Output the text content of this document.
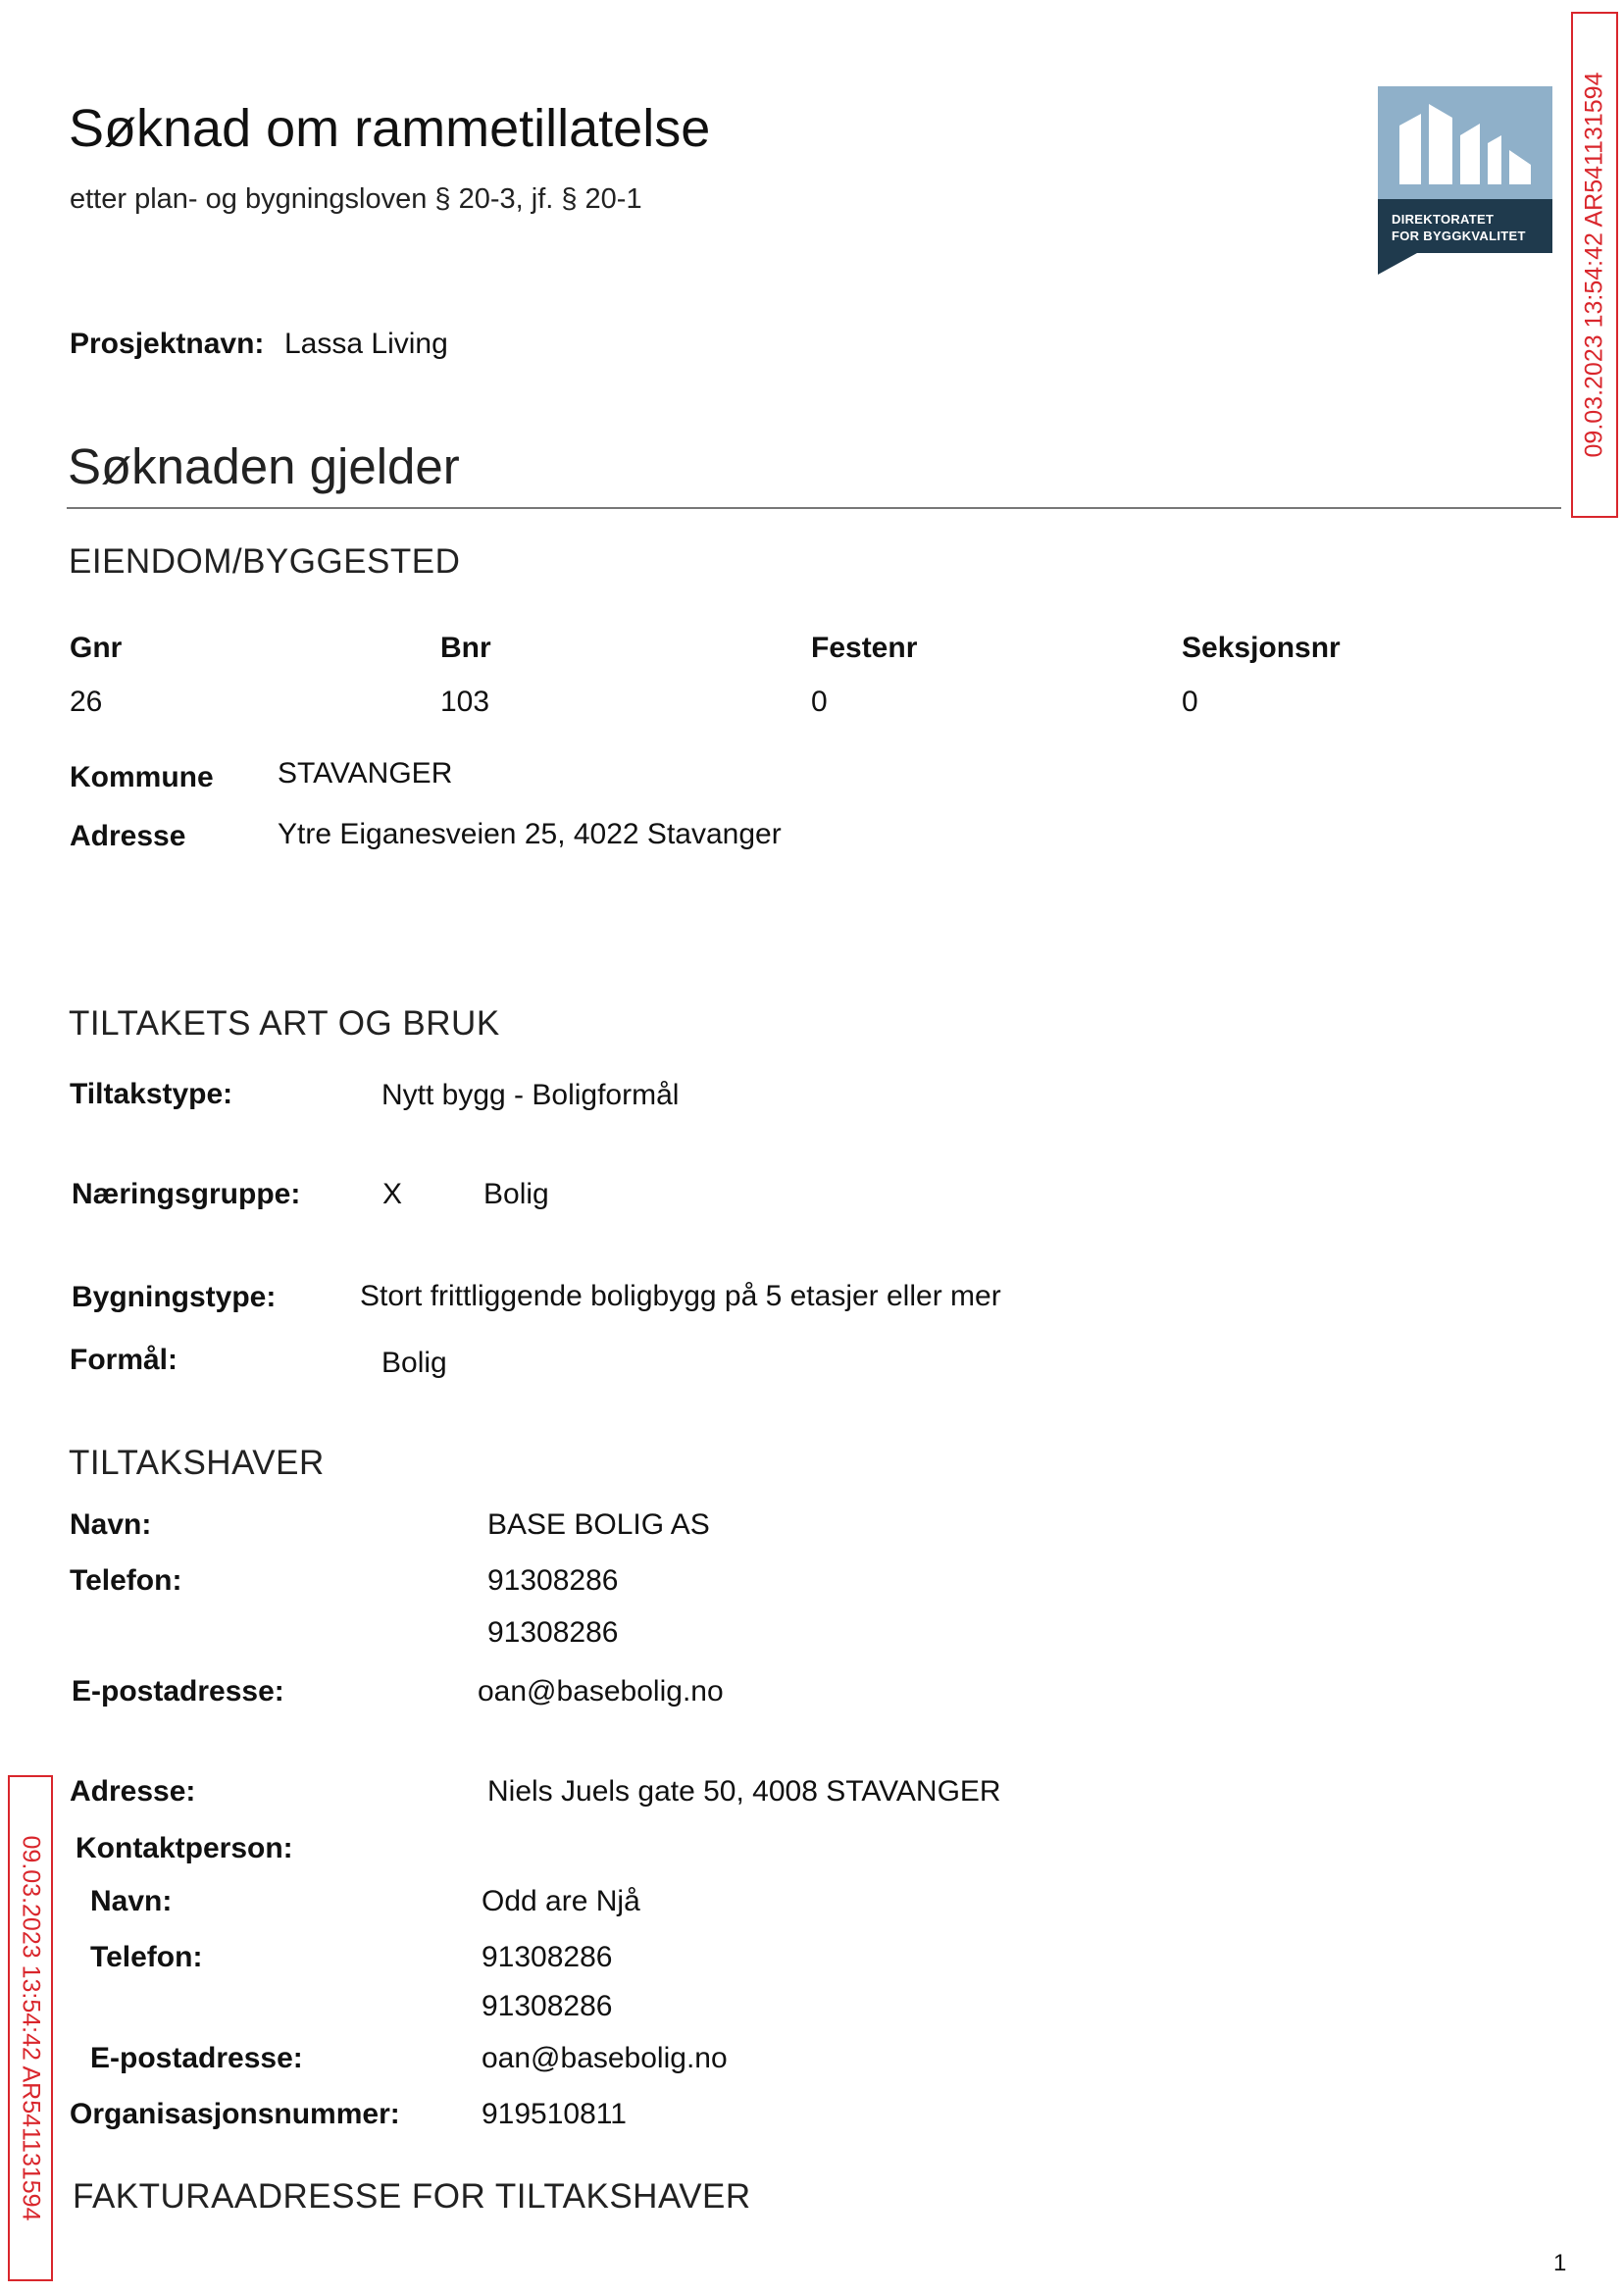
Søknad om rammetillatelse
etter plan- og bygningsloven § 20-3, jf. § 20-1
DIREKTORATET
FOR BYGGKVALITET 09.03.2023 13:54:42 AR541131594
09.03.2023 13:54:42 AR541131594
Prosjektnavn: Lassa Living
Søknaden gjelder
EIENDOM/BYGGESTED
Gnr	Bnr	Festenr	Seksjonsnr
26	103	0	0
Kommune STAVANGER
Adresse	Ytre Eiganesveien 25, 4022 Stavanger
TILTAKETS ART OG BRUK
Tiltakstype:	Nytt bygg - Boligformål
Næringsgruppe:	X	Bolig
Bygningstype:	Stort frittliggende boligbygg på 5 etasjer eller mer
Formål:	Bolig
TILTAKSHAVER
Navn:	BASE BOLIG AS
Telefon:	91308286
91308286
E-postadresse:	oan@basebolig.no
Adresse:	Niels Juels gate 50, 4008 STAVANGER
Kontaktperson:
Navn:	Odd are Njå
Telefon:	91308286
91308286
E-postadresse:	oan@basebolig.no
Organisasjonsnummer:	919510811
FAKTURAADRESSE FOR TILTAKSHAVER
1
